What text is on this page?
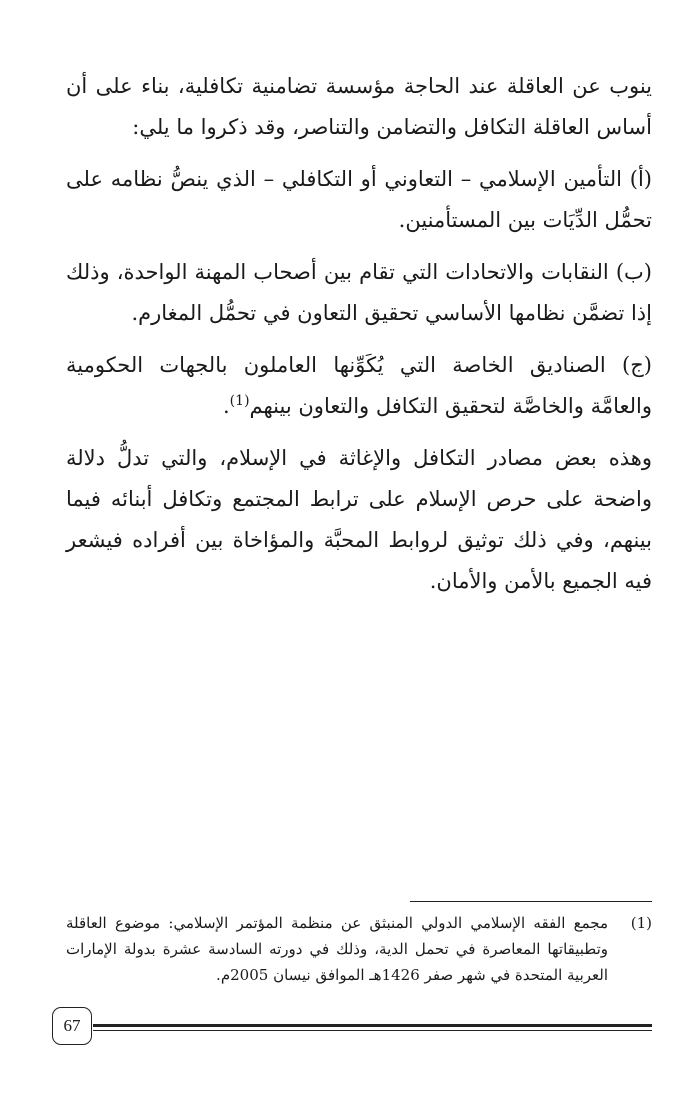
ينوب عن العاقلة عند الحاجة مؤسسة تضامنية تكافلية، بناء على أن أساس العاقلة التكافل والتضامن والتناصر، وقد ذكروا ما يلي:

(أ) التأمين الإسلامي – التعاوني أو التكافلي – الذي ينصُّ نظامه على تحمُّل الدِّيَات بين المستأمنين.

(ب) النقابات والاتحادات التي تقام بين أصحاب المهنة الواحدة، وذلك إذا تضمَّن نظامها الأساسي تحقيق التعاون في تحمُّل المغارم.

(ج) الصناديق الخاصة التي يُكَوِّنها العاملون بالجهات الحكومية والعامَّة والخاصَّة لتحقيق التكافل والتعاون بينهم$^{(1)}$.

وهذه بعض مصادر التكافل والإغاثة في الإسلام، والتي تدلُّ دلالة واضحة على حرص الإسلام على ترابط المجتمع وتكافل أبنائه فيما بينهم، وفي ذلك توثيق لروابط المحبَّة والمؤاخاة بين أفراده فيشعر فيه الجميع بالأمن والأمان.

(1)
مجمع الفقه الإسلامي الدولي المنبثق عن منظمة المؤتمر الإسلامي: موضوع العاقلة وتطبيقاتها المعاصرة في تحمل الدية، وذلك في دورته السادسة عشرة بدولة الإمارات العربية المتحدة في شهر صفر 1426هـ الموافق نيسان 2005م.
67
